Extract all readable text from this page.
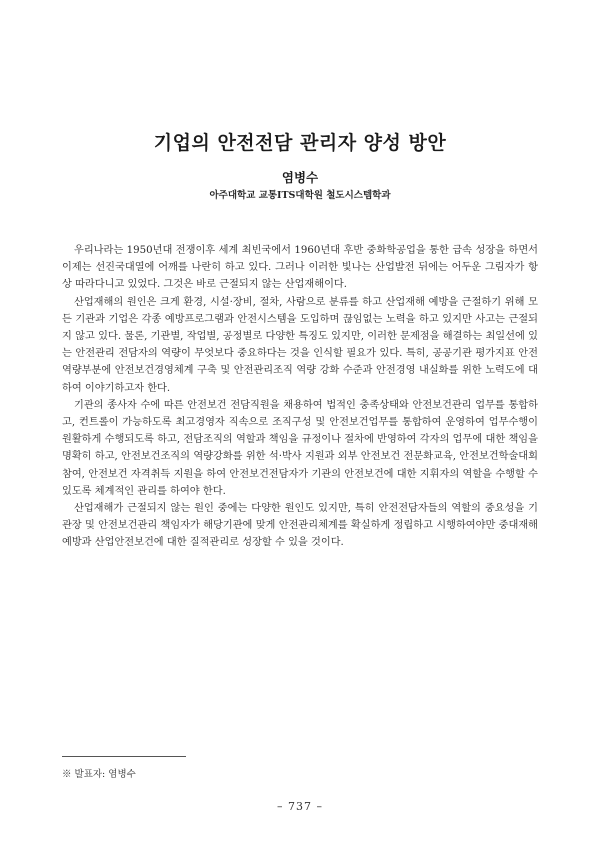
기업의 안전전담 관리자 양성 방안
염병수
아주대학교 교통ITS대학원 철도시스템학과

우리나라는 1950년대 전쟁이후 세계 최빈국에서 1960년대 후반 중화학공업을 통한 급속 성장을 하면서 이제는 선진국대열에 어깨를 나란히 하고 있다. 그러나 이러한 빛나는 산업발전 뒤에는 어두운 그림자가 항상 따라다니고 있었다. 그것은 바로 근절되지 않는 산업재해이다.

산업재해의 원인은 크게 환경, 시설·장비, 절차, 사람으로 분류를 하고 산업재해 예방을 근절하기 위해 모든 기관과 기업은 각종 예방프로그램과 안전시스템을 도입하며 끊임없는 노력을 하고 있지만 사고는 근절되지 않고 있다. 물론, 기관별, 작업별, 공정별로 다양한 특징도 있지만, 이러한 문제점을 해결하는 최일선에 있는 안전관리 전담자의 역량이 무엇보다 중요하다는 것을 인식할 필요가 있다. 특히, 공공기관 평가지표 안전역량부분에 안전보건경영체계 구축 및 안전관리조직 역량 강화 수준과 안전경영 내실화를 위한 노력도에 대하여 이야기하고자 한다.

기관의 종사자 수에 따른 안전보건 전담직원을 채용하여 법적인 충족상태와 안전보건관리 업무를 통합하고, 컨트롤이 가능하도록 최고경영자 직속으로 조직구성 및 안전보건업무를 통합하여 운영하여 업무수행이 원활하게 수행되도록 하고, 전담조직의 역할과 책임을 규정이나 절차에 반영하여 각자의 업무에 대한 책임을 명확히 하고, 안전보건조직의 역량강화를 위한 석·박사 지원과 외부 안전보건 전문화교육, 안전보건학술대회 참여, 안전보건 자격취득 지원을 하여 안전보건전담자가 기관의 안전보건에 대한 지휘자의 역할을 수행할 수 있도록 체계적인 관리를 하여야 한다.

산업재해가 근절되지 않는 원인 중에는 다양한 원인도 있지만, 특히 안전전담자들의 역할의 중요성을 기관장 및 안전보건관리 책임자가 해당기관에 맞게 안전관리체계를 확실하게 정립하고 시행하여야만 중대재해예방과 산업안전보건에 대한 질적관리로 성장할 수 있을 것이다.

※ 발표자: 염병수
– 737 –
